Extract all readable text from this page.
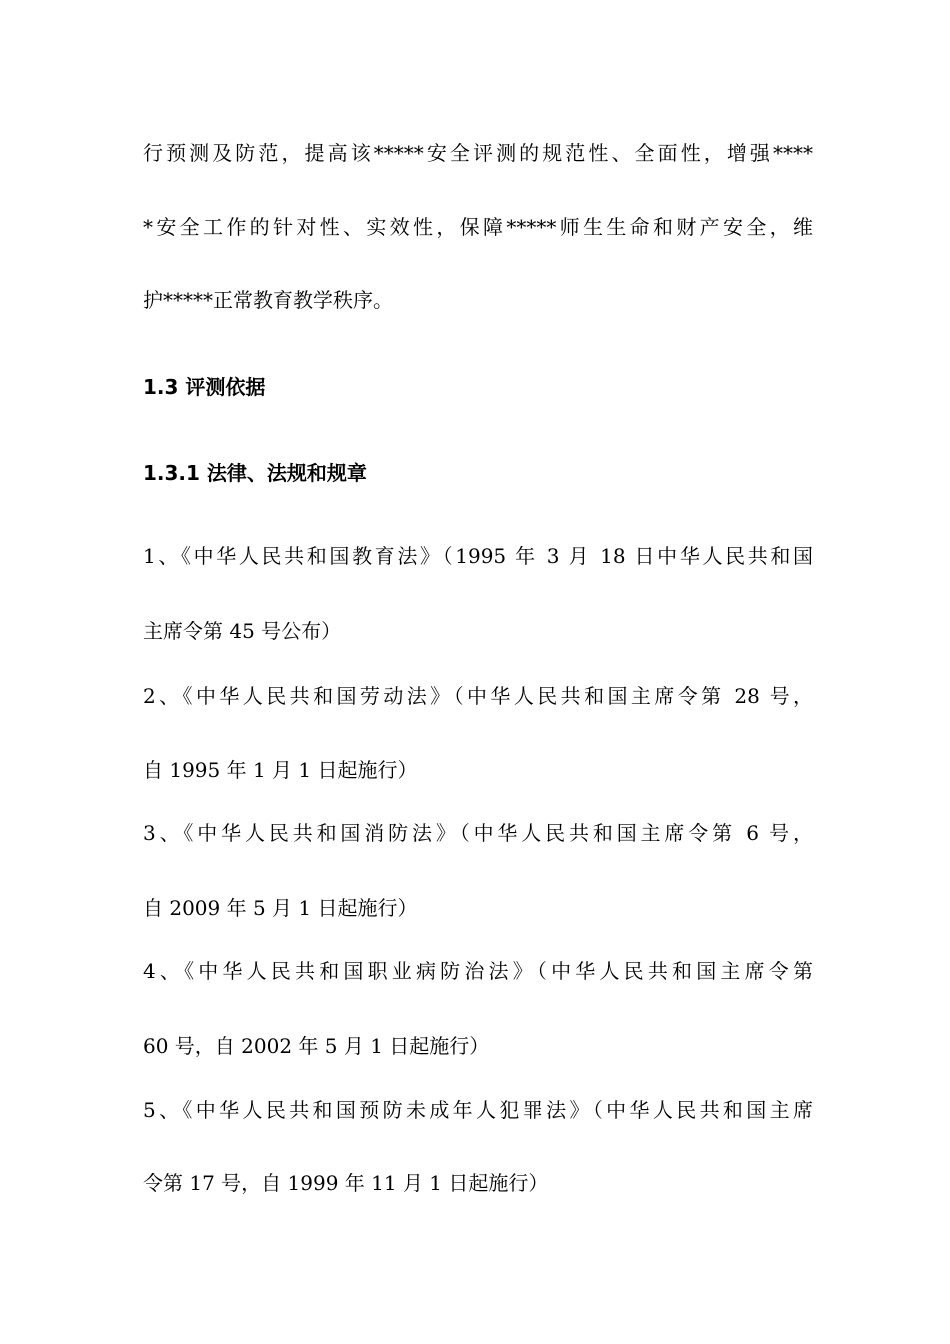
行预测及防范，提高该*****安全评测的规范性、全面性，增强****
*安全工作的针对性、实效性，保障*****师生生命和财产安全，维
护*****正常教育教学秩序。
1.3 评测依据
1.3.1 法律、法规和规章
1、《中华人民共和国教育法》（1995 年 3 月 18 日中华人民共和国
主席令第 45 号公布）
2、《中华人民共和国劳动法》（中华人民共和国主席令第 28 号，
自 1995 年 1 月 1 日起施行）
3、《中华人民共和国消防法》（中华人民共和国主席令第 6 号，
自 2009 年 5 月 1 日起施行）
4、《中华人民共和国职业病防治法》（中华人民共和国主席令第
60 号，自 2002 年 5 月 1 日起施行）
5、《中华人民共和国预防未成年人犯罪法》（中华人民共和国主席
令第 17 号，自 1999 年 11 月 1 日起施行）
